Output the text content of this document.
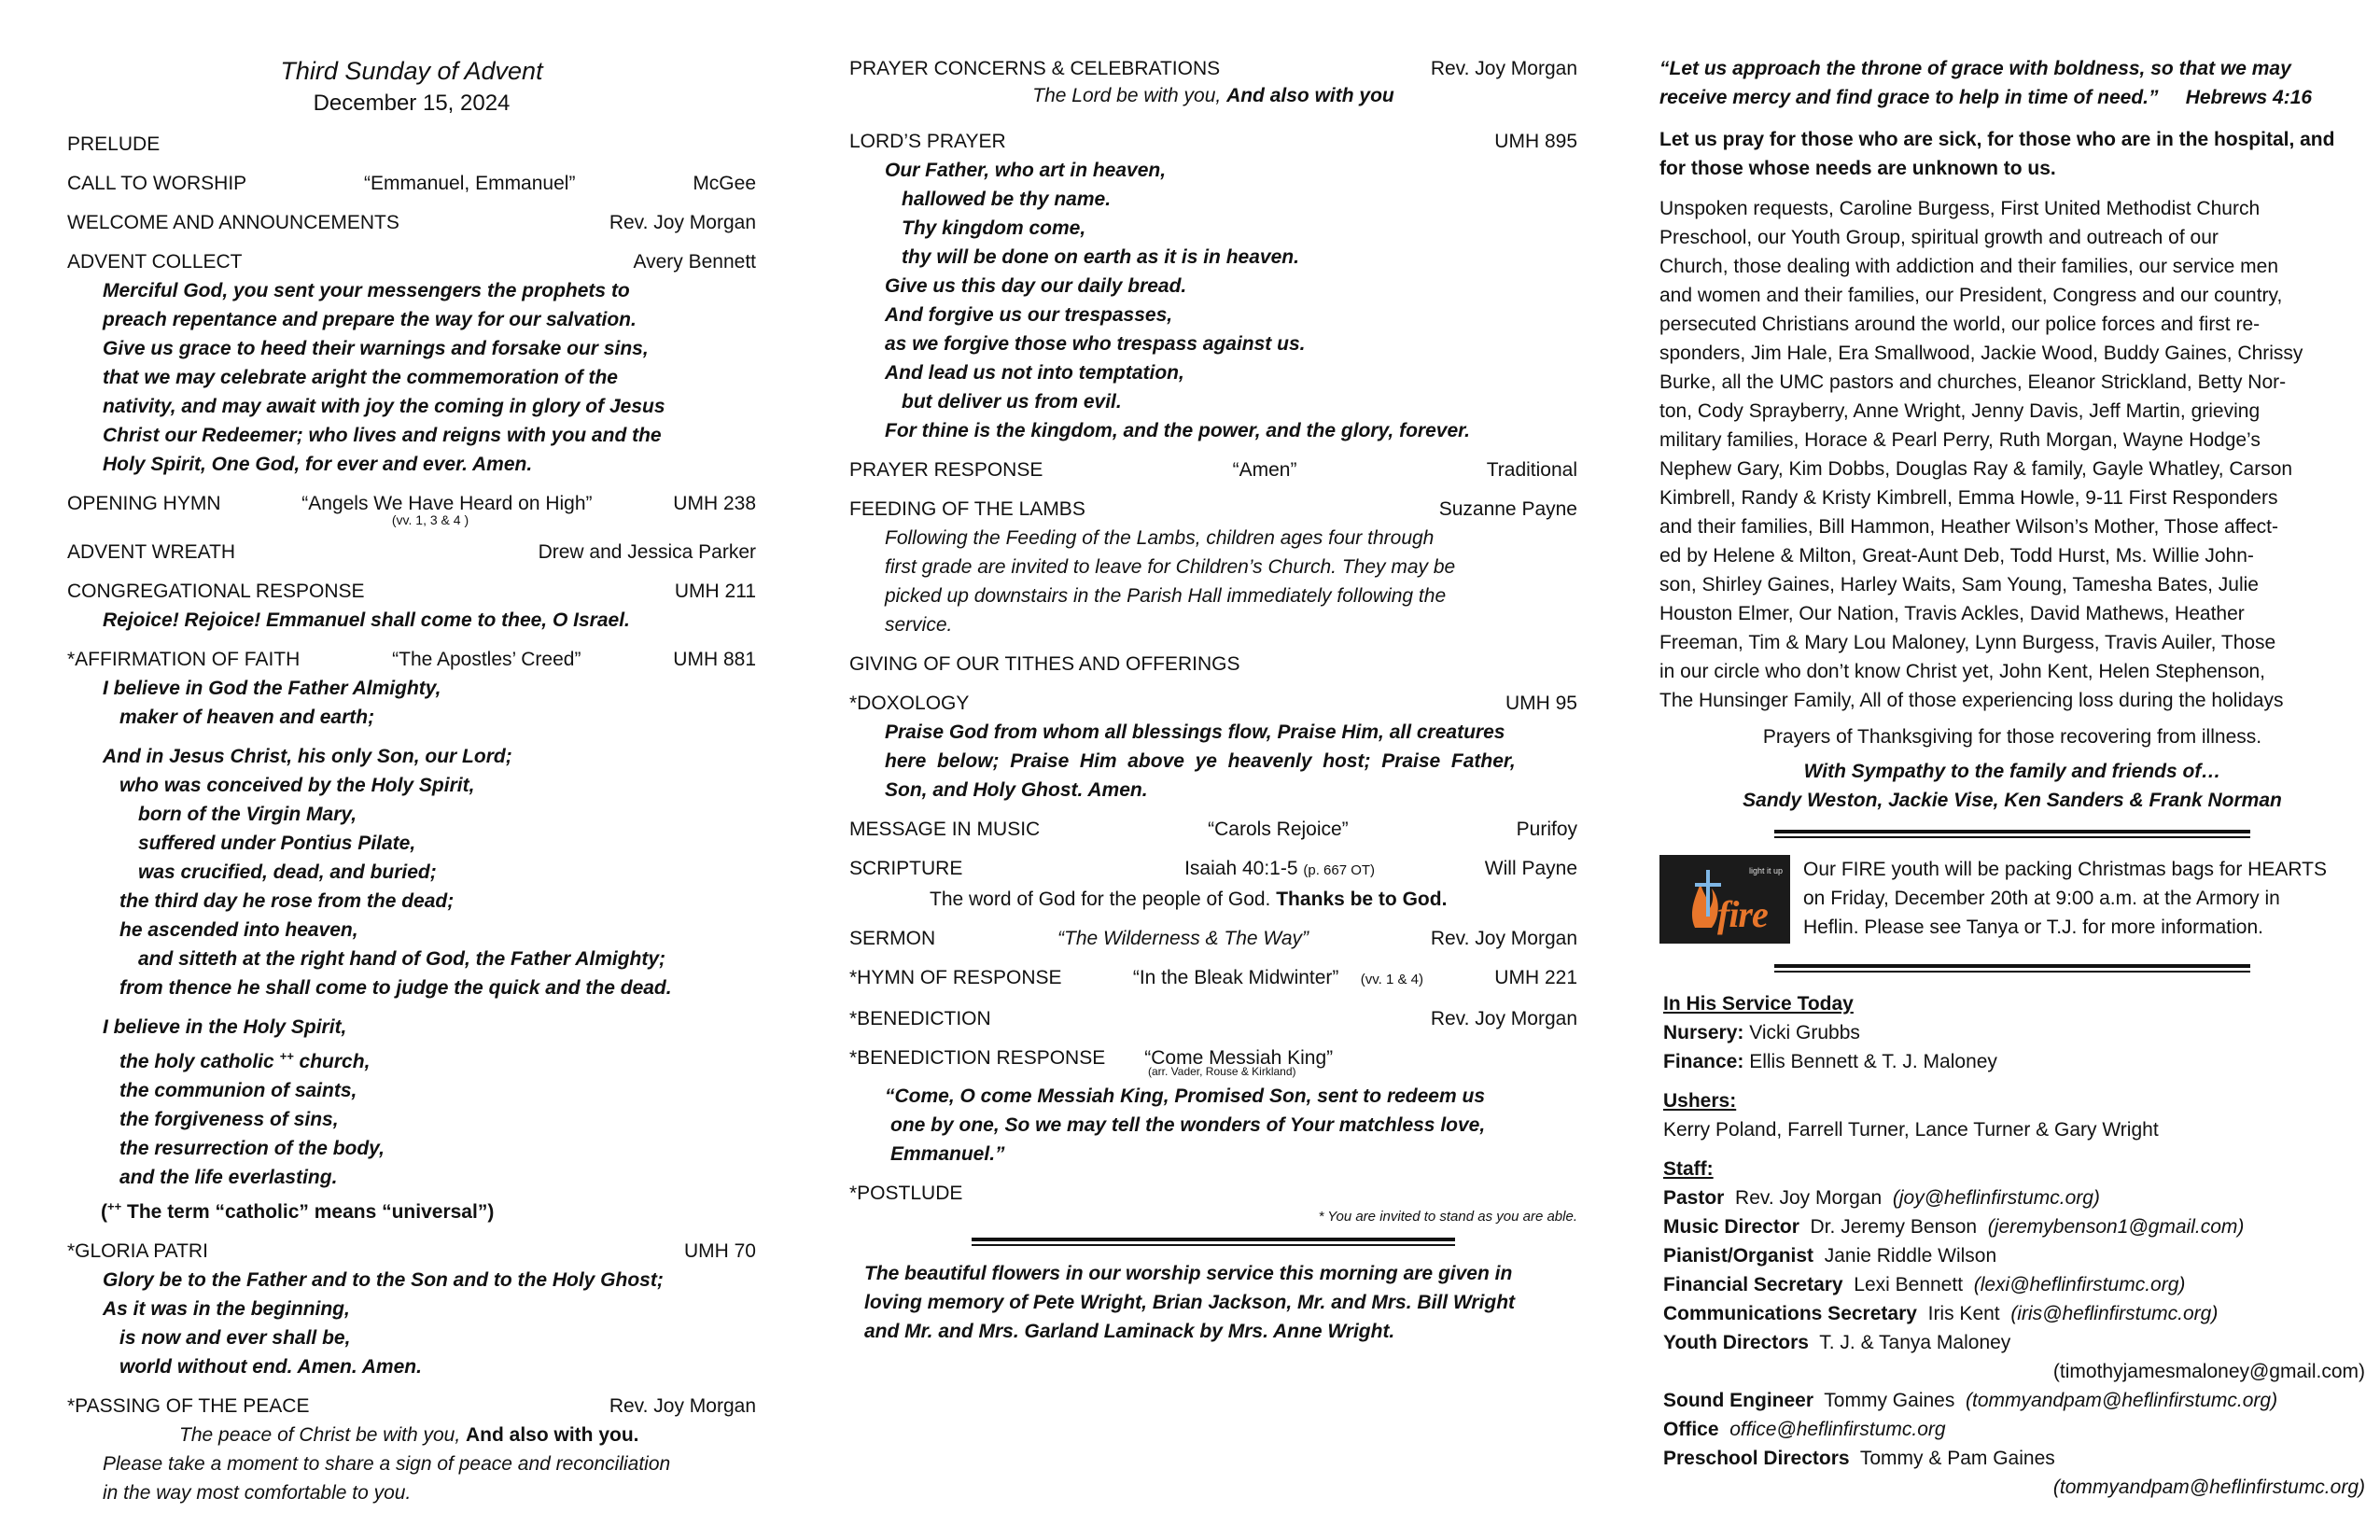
Third Sunday of Advent
December 15, 2024
PRELUDE
CALL TO WORSHIP	“Emmanuel, Emmanuel”	McGee
WELCOME AND ANNOUNCEMENTS	Rev. Joy Morgan
ADVENT COLLECT	Avery Bennett
Merciful God, you sent your messengers the prophets to
preach repentance and prepare the way for our salvation.
Give us grace to heed their warnings and forsake our sins,
that we may celebrate aright the commemoration of the
nativity, and may await with joy the coming in glory of Jesus
Christ our Redeemer; who lives and reigns with you and the
Holy Spirit, One God, for ever and ever. Amen.
OPENING HYMN	“Angels We Have Heard on High”	UMH 238
(vv. 1, 3 & 4 )
ADVENT WREATH	Drew and Jessica Parker
CONGREGATIONAL RESPONSE	UMH 211
Rejoice! Rejoice! Emmanuel shall come to thee, O Israel.
*AFFIRMATION OF FAITH	“The Apostles’ Creed”	UMH 881
I believe in God the Father Almighty,
maker of heaven and earth;
And in Jesus Christ, his only Son, our Lord;
who was conceived by the Holy Spirit,
born of the Virgin Mary,
suffered under Pontius Pilate,
was crucified, dead, and buried;
the third day he rose from the dead;
he ascended into heaven,
and sitteth at the right hand of God, the Father Almighty;
from thence he shall come to judge the quick and the dead.
I believe in the Holy Spirit,
the holy catholic ++ church,
the communion of saints,
the forgiveness of sins,
the resurrection of the body,
and the life everlasting.
(++ The term “catholic” means “universal”)
*GLORIA PATRI	UMH 70
Glory be to the Father and to the Son and to the Holy Ghost;
As it was in the beginning,
is now and ever shall be,
world without end. Amen. Amen.
*PASSING OF THE PEACE	Rev. Joy Morgan
The peace of Christ be with you, And also with you.
Please take a moment to share a sign of peace and reconciliation
in the way most comfortable to you.
PRAYER CONCERNS & CELEBRATIONS	Rev. Joy Morgan
The Lord be with you, And also with you
LORD’S PRAYER	UMH 895
Our Father, who art in heaven,
hallowed be thy name.
Thy kingdom come,
thy will be done on earth as it is in heaven.
Give us this day our daily bread.
And forgive us our trespasses,
as we forgive those who trespass against us.
And lead us not into temptation,
but deliver us from evil.
For thine is the kingdom, and the power, and the glory, forever.
PRAYER RESPONSE	“Amen”	Traditional
FEEDING OF THE LAMBS	Suzanne Payne
Following the Feeding of the Lambs, children ages four through
first grade are invited to leave for Children’s Church. They may be
picked up downstairs in the Parish Hall immediately following the
service.
GIVING OF OUR TITHES AND OFFERINGS
*DOXOLOGY	UMH 95
Praise God from whom all blessings flow, Praise Him, all creatures
here  below;  Praise  Him  above  ye  heavenly  host;  Praise  Father,
Son, and Holy Ghost. Amen.
MESSAGE IN MUSIC	“Carols Rejoice”	Purifoy
SCRIPTURE	Isaiah 40:1-5 (p. 667 OT)	Will Payne
The word of God for the people of God. Thanks be to God.
SERMON	“The Wilderness & The Way”	Rev. Joy Morgan
*HYMN OF RESPONSE	“In the Bleak Midwinter” (vv. 1 & 4)	UMH 221
*BENEDICTION	Rev. Joy Morgan
*BENEDICTION RESPONSE	“Come Messiah King”
(arr. Vader, Rouse & Kirkland)
“Come, O come Messiah King, Promised Son, sent to redeem us
one by one, So we may tell the wonders of Your matchless love,
Emmanuel.”
*POSTLUDE
* You are invited to stand as you are able.
The beautiful flowers in our worship service this morning are given in
loving memory of Pete Wright, Brian Jackson, Mr. and Mrs. Bill Wright
and Mr. and Mrs. Garland Laminack by Mrs. Anne Wright.
“Let us approach the throne of grace with boldness, so that we may
receive mercy and find grace to help in time of need.” Hebrews 4:16
Let us pray for those who are sick, for those who are in the hospital, and
for those whose needs are unknown to us.
Unspoken requests, Caroline Burgess, First United Methodist Church
Preschool, our Youth Group, spiritual growth and outreach of our
Church, those dealing with addiction and their families, our service men
and women and their families, our President, Congress and our country,
persecuted Christians around the world, our police forces and first re-
sponders, Jim Hale, Era Smallwood, Jackie Wood, Buddy Gaines, Chrissy
Burke, all the UMC pastors and churches, Eleanor Strickland, Betty Nor-
ton, Cody Sprayberry, Anne Wright, Jenny Davis, Jeff Martin, grieving
military families, Horace & Pearl Perry, Ruth Morgan, Wayne Hodge’s
Nephew Gary, Kim Dobbs, Douglas Ray & family, Gayle Whatley, Carson
Kimbrell, Randy & Kristy Kimbrell, Emma Howle, 9-11 First Responders
and their families, Bill Hammon, Heather Wilson’s Mother, Those affect-
ed by Helene & Milton, Great-Aunt Deb, Todd Hurst, Ms. Willie John-
son, Shirley Gaines, Harley Waits, Sam Young, Tamesha Bates, Julie
Houston Elmer, Our Nation, Travis Ackles, David Mathews, Heather
Freeman, Tim & Mary Lou Maloney, Lynn Burgess, Travis Auiler, Those
in our circle who don’t know Christ yet, John Kent, Helen Stephenson,
The Hunsinger Family, All of those experiencing loss during the holidays
Prayers of Thanksgiving for those recovering from illness.
With Sympathy to the family and friends of…
Sandy Weston, Jackie Vise, Ken Sanders & Frank Norman
fire
light it up Our FIRE youth will be packing Christmas bags for HEARTS
on Friday, December 20th at 9:00 a.m. at the Armory in
Heflin. Please see Tanya or T.J. for more information.
In His Service Today
Nursery: Vicki Grubbs
Finance: Ellis Bennett & T. J. Maloney
Ushers:
Kerry Poland, Farrell Turner, Lance Turner & Gary Wright
Staff:
Pastor  Rev. Joy Morgan  (joy@heflinfirstumc.org)
Music Director  Dr. Jeremy Benson  (jeremybenson1@gmail.com)
Pianist/Organist  Janie Riddle Wilson
Financial Secretary  Lexi Bennett  (lexi@heflinfirstumc.org)
Communications Secretary  Iris Kent  (iris@heflinfirstumc.org)
Youth Directors  T. J. & Tanya Maloney
(timothyjamesmaloney@gmail.com)
Sound Engineer  Tommy Gaines  (tommyandpam@heflinfirstumc.org)
Office office@heflinfirstumc.org
Preschool Directors  Tommy & Pam Gaines
(tommyandpam@heflinfirstumc.org)
